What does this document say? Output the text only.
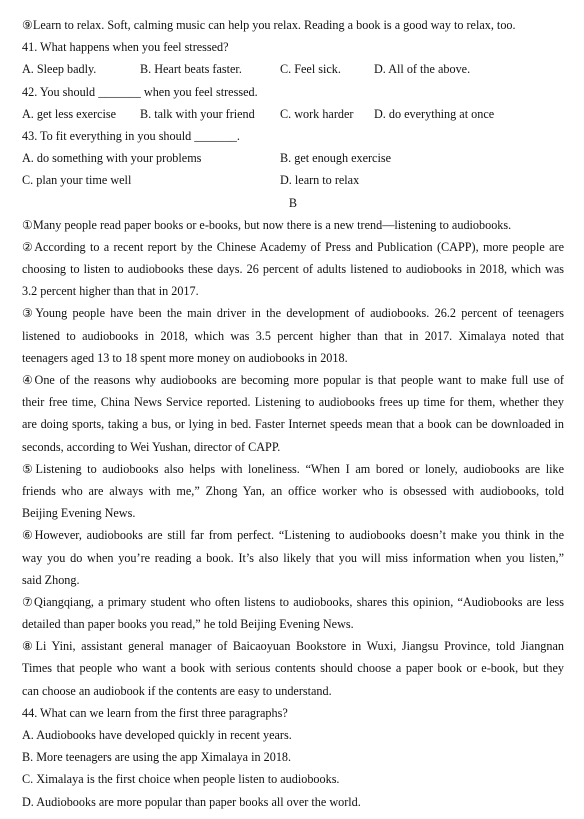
⑨Learn to relax. Soft, calming music can help you relax. Reading a book is a good way to relax, too.
41. What happens when you feel stressed?
A. Sleep badly.	B. Heart beats faster.	C. Feel sick.	D. All of the above.
42. You should _______ when you feel stressed.
A. get less exercise B. talk with your friend C. work harder D. do everything at once
43. To fit everything in you should _______.
A. do something with your problems	B. get enough exercise
C. plan your time well	D. learn to relax
B
①Many people read paper books or e-books, but now there is a new trend—listening to audiobooks.
②According to a recent report by the Chinese Academy of Press and Publication (CAPP), more people are
choosing to listen to audiobooks these days. 26 percent of adults listened to audiobooks in 2018, which was
3.2 percent higher than that in 2017.
③Young people have been the main driver in the development of audiobooks. 26.2 percent of teenagers
listened to audiobooks in 2018, which was 3.5 percent higher than that in 2017. Ximalaya noted that
teenagers aged 13 to 18 spent more money on audiobooks in 2018.
④One of the reasons why audiobooks are becoming more popular is that people want to make full use of
their free time, China News Service reported. Listening to audiobooks frees up time for them, whether they
are doing sports, taking a bus, or lying in bed. Faster Internet speeds mean that a book can be downloaded in
seconds, according to Wei Yushan, director of CAPP.
⑤Listening to audiobooks also helps with loneliness. “When I am bored or lonely, audiobooks are like
friends who are always with me,” Zhong Yan, an office worker who is obsessed with audiobooks, told
Beijing Evening News.
⑥However, audiobooks are still far from perfect. “Listening to audiobooks doesn’t make you think in the
way you do when you’re reading a book. It’s also likely that you will miss information when you listen,”
said Zhong.
⑦Qiangqiang, a primary student who often listens to audiobooks, shares this opinion, “Audiobooks are less
detailed than paper books you read,” he told Beijing Evening News.
⑧Li Yini, assistant general manager of Baicaoyuan Bookstore in Wuxi, Jiangsu Province, told Jiangnan
Times that people who want a book with serious contents should choose a paper book or e-book, but they
can choose an audiobook if the contents are easy to understand.
44. What can we learn from the first three paragraphs?
A. Audiobooks have developed quickly in recent years.
B. More teenagers are using the app Ximalaya in 2018.
C. Ximalaya is the first choice when people listen to audiobooks.
D. Audiobooks are more popular than paper books all over the world.
